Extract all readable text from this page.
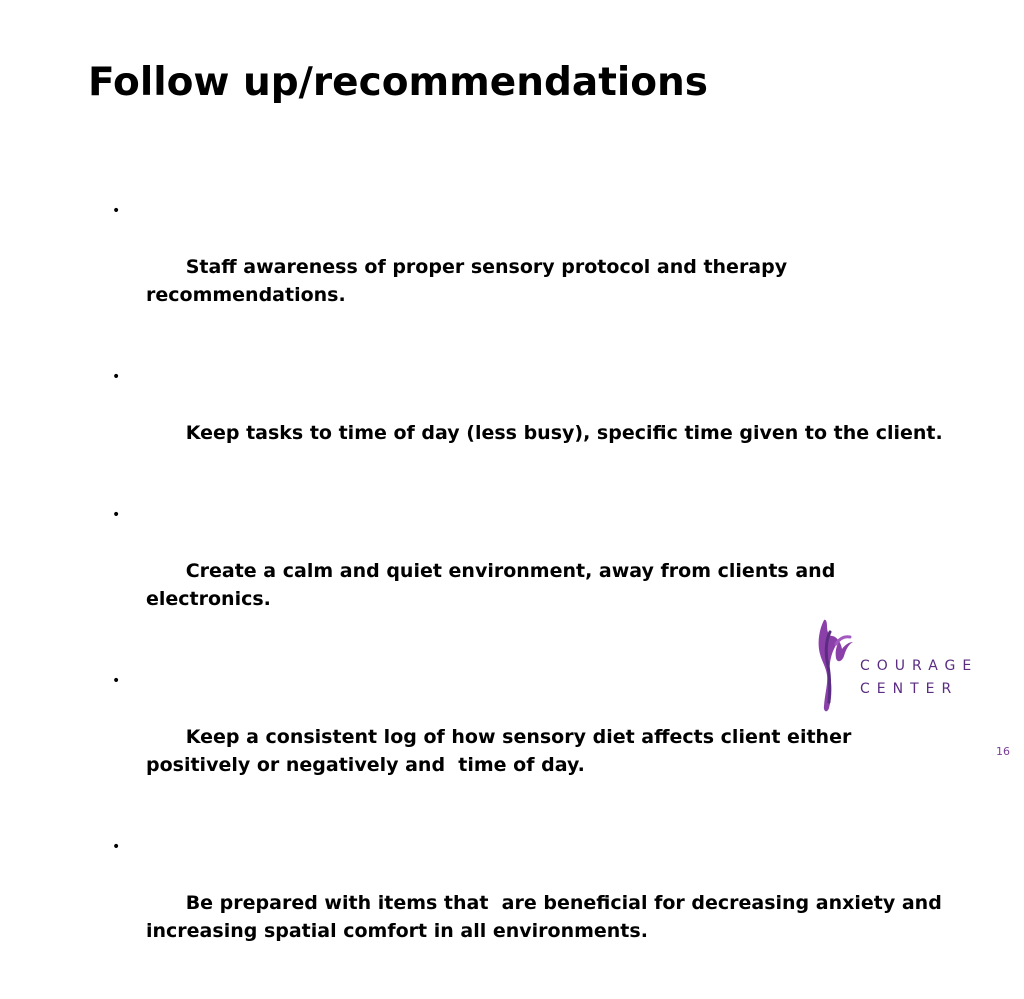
Follow up/recommendations

•

Staff awareness of proper sensory protocol and therapy recommendations.

•

Keep tasks to time of day (less busy), specific time given to the client.

•

Create a calm and quiet environment, away from clients and electronics.

•

Keep a consistent log of how sensory diet affects client either positively or negatively and  time of day.

•

Be prepared with items that  are beneficial for decreasing anxiety and increasing spatial comfort in all environments.

COURAGE
CENTER
16
